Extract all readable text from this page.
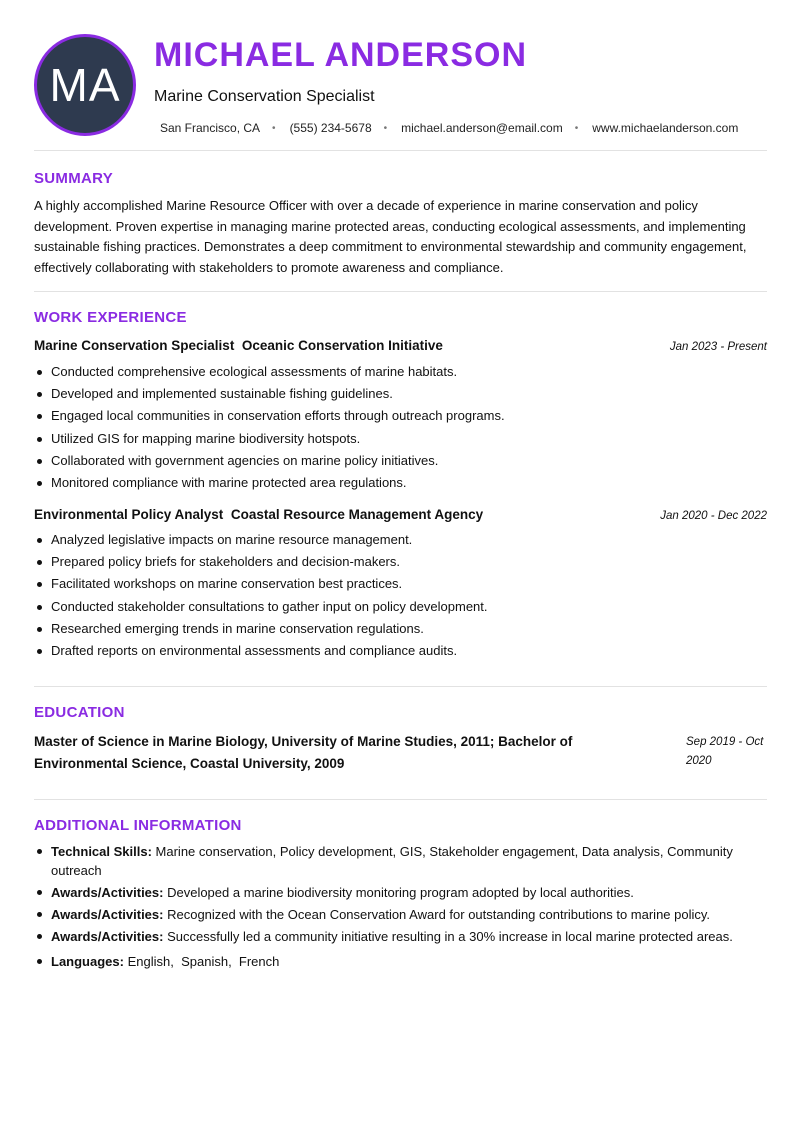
MA
MICHAEL ANDERSON
Marine Conservation Specialist
San Francisco, CA • (555) 234-5678 • michael.anderson@email.com • www.michaelanderson.com
SUMMARY
A highly accomplished Marine Resource Officer with over a decade of experience in marine conservation and policy development. Proven expertise in managing marine protected areas, conducting ecological assessments, and implementing sustainable fishing practices. Demonstrates a deep commitment to environmental stewardship and community engagement, effectively collaborating with stakeholders to promote awareness and compliance.
WORK EXPERIENCE
Marine Conservation Specialist Oceanic Conservation Initiative	Jan 2023 - Present
Conducted comprehensive ecological assessments of marine habitats.
Developed and implemented sustainable fishing guidelines.
Engaged local communities in conservation efforts through outreach programs.
Utilized GIS for mapping marine biodiversity hotspots.
Collaborated with government agencies on marine policy initiatives.
Monitored compliance with marine protected area regulations.
Environmental Policy Analyst Coastal Resource Management Agency	Jan 2020 - Dec 2022
Analyzed legislative impacts on marine resource management.
Prepared policy briefs for stakeholders and decision-makers.
Facilitated workshops on marine conservation best practices.
Conducted stakeholder consultations to gather input on policy development.
Researched emerging trends in marine conservation regulations.
Drafted reports on environmental assessments and compliance audits.
EDUCATION
Master of Science in Marine Biology, University of Marine Studies, 2011; Bachelor of Environmental Science, Coastal University, 2009
Sep 2019 - Oct 2020
ADDITIONAL INFORMATION
Technical Skills: Marine conservation, Policy development, GIS, Stakeholder engagement, Data analysis, Community outreach
Awards/Activities: Developed a marine biodiversity monitoring program adopted by local authorities.
Awards/Activities: Recognized with the Ocean Conservation Award for outstanding contributions to marine policy.
Awards/Activities: Successfully led a community initiative resulting in a 30% increase in local marine protected areas.
Languages: English , Spanish , French
